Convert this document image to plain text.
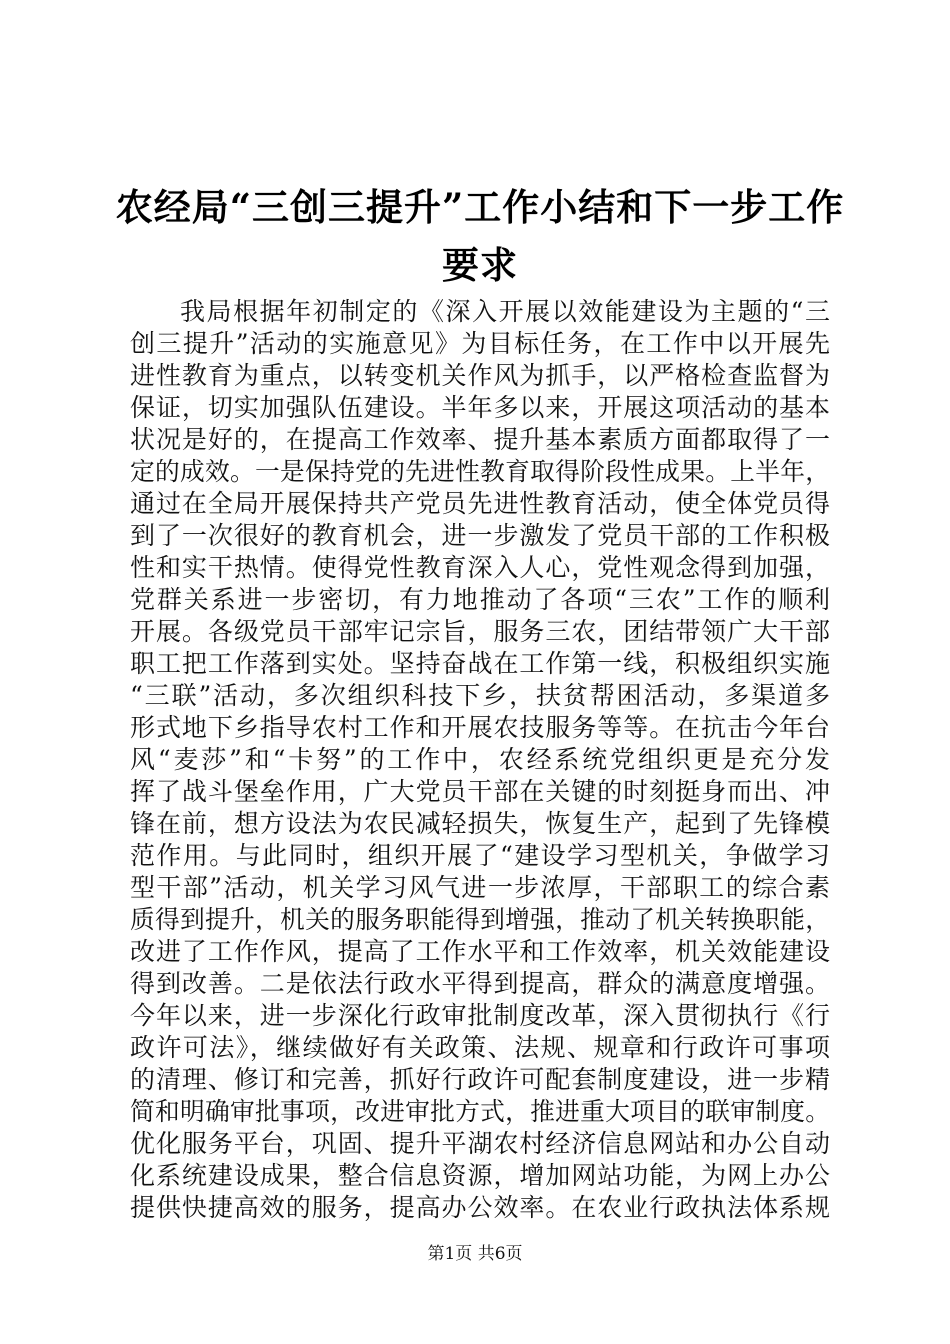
农经局“三创三提升”工作小结和下一步工作
要求
我局根据年初制定的《深入开展以效能建设为主题的“三
创三提升”活动的实施意见》为目标任务，在工作中以开展先
进性教育为重点，以转变机关作风为抓手，以严格检查监督为
保证，切实加强队伍建设。半年多以来，开展这项活动的基本
状况是好的，在提高工作效率、提升基本素质方面都取得了一
定的成效。一是保持党的先进性教育取得阶段性成果。上半年，
通过在全局开展保持共产党员先进性教育活动，使全体党员得
到了一次很好的教育机会，进一步激发了党员干部的工作积极
性和实干热情。使得党性教育深入人心，党性观念得到加强，
党群关系进一步密切，有力地推动了各项“三农”工作的顺利
开展。各级党员干部牢记宗旨，服务三农，团结带领广大干部
职工把工作落到实处。坚持奋战在工作第一线，积极组织实施
“三联”活动，多次组织科技下乡，扶贫帮困活动，多渠道多
形式地下乡指导农村工作和开展农技服务等等。在抗击今年台
风“麦莎”和“卡努”的工作中，农经系统党组织更是充分发
挥了战斗堡垒作用，广大党员干部在关键的时刻挺身而出、冲
锋在前，想方设法为农民减轻损失，恢复生产，起到了先锋模
范作用。与此同时，组织开展了“建设学习型机关，争做学习
型干部”活动，机关学习风气进一步浓厚，干部职工的综合素
质得到提升，机关的服务职能得到增强，推动了机关转换职能，
改进了工作作风，提高了工作水平和工作效率，机关效能建设
得到改善。二是依法行政水平得到提高，群众的满意度增强。
今年以来，进一步深化行政审批制度改革，深入贯彻执行《行
政许可法》，继续做好有关政策、法规、规章和行政许可事项
的清理、修订和完善，抓好行政许可配套制度建设，进一步精
简和明确审批事项，改进审批方式，推进重大项目的联审制度。
优化服务平台，巩固、提升平湖农村经济信息网站和办公自动
化系统建设成果，整合信息资源，增加网站功能，为网上办公
提供快捷高效的服务，提高办公效率。在农业行政执法体系规
第1页 共6页
